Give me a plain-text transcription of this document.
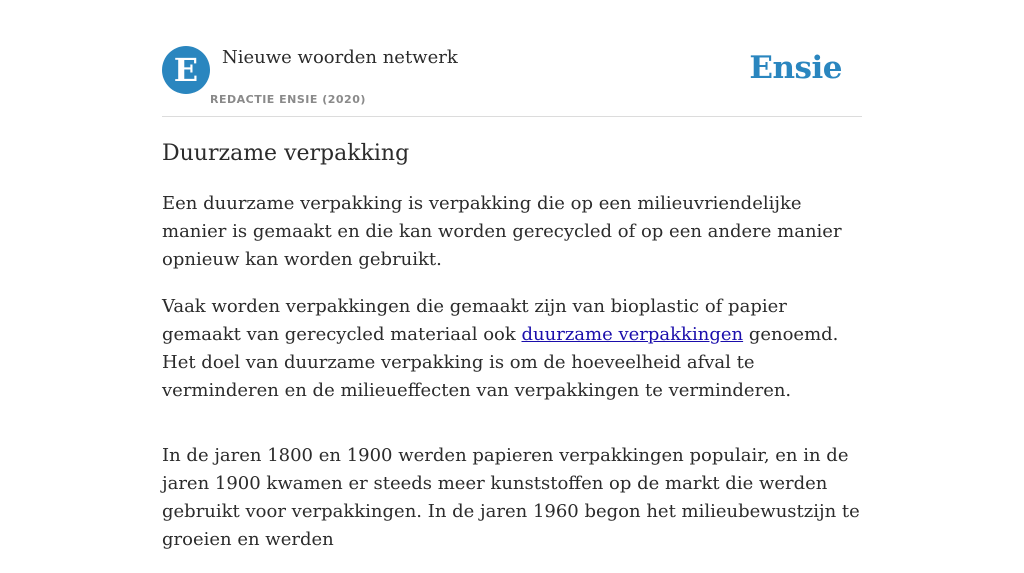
E	Nieuwe woorden netwerk
REDACTIE ENSIE (2020)
Ensie
Duurzame verpakking

Een duurzame verpakking is verpakking die op een milieuvriendelijke manier is gemaakt en die kan worden gerecycled of op een andere manier opnieuw kan worden gebruikt.

Vaak worden verpakkingen die gemaakt zijn van bioplastic of papier gemaakt van gerecycled materiaal ook duurzame verpakkingen genoemd. Het doel van duurzame verpakking is om de hoeveelheid afval te verminderen en de milieueffecten van verpakkingen te verminderen.

In de jaren 1800 en 1900 werden papieren verpakkingen populair, en in de jaren 1900 kwamen er steeds meer kunststoffen op de markt die werden gebruikt voor verpakkingen. In de jaren 1960 begon het milieubewustzijn te groeien en werden
